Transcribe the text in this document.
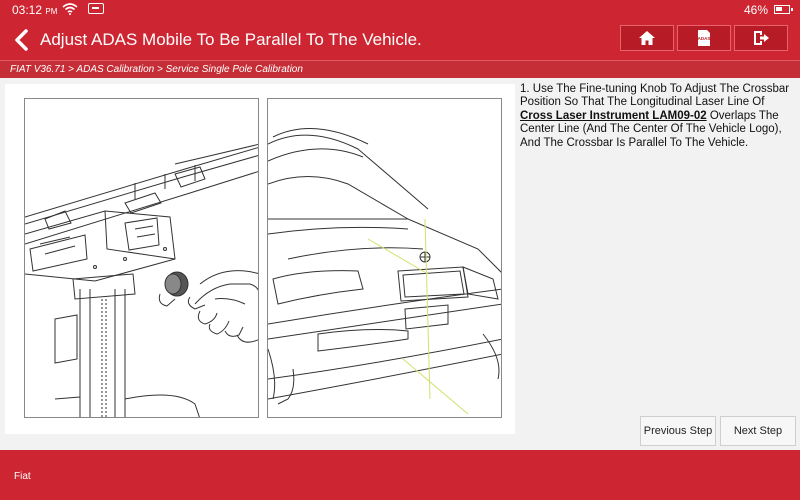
03:12 PM	46%
Adjust ADAS Mobile To Be Parallel To The Vehicle.	ADAS
FIAT V36.71 > ADAS Calibration > Service Single Pole Calibration
1. Use The Fine-tuning Knob To Adjust The Crossbar Position So That The Longitudinal Laser Line Of Cross Laser Instrument LAM09-02 Overlaps The Center Line (And The Center Of The Vehicle Logo), And The Crossbar Is Parallel To The Vehicle.
Previous Step	Next Step
Fiat
